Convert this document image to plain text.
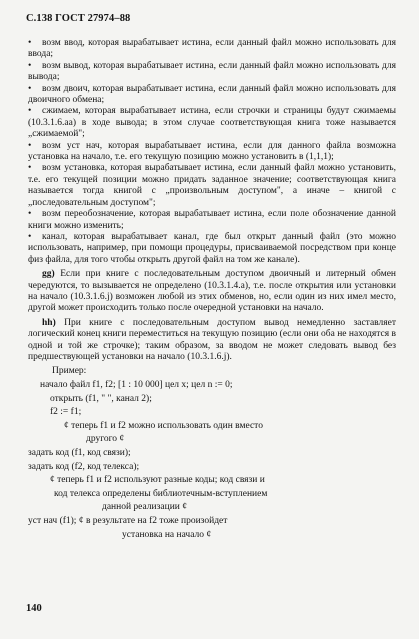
С.138 ГОСТ 27974–88

• возм ввод, которая вырабатывает истина, если данный файл можно использовать для ввода;

• возм вывод, которая вырабатывает истина, если данный файл можно использовать для вывода;

• возм двоич, которая вырабатывает истина, если данный файл можно использовать для двоичного обмена;

• сжимаем, которая вырабатывает истина, если строчки и страницы будут сжимаемы (10.3.1.6.аа) в ходе вывода; в этом случае соответствующая книга тоже называется „сжимаемой";

• возм уст нач, которая вырабатывает истина, если для данного файла возможна установка на начало, т.е. его текущую позицию можно установить в (1,1,1);

• возм установка, которая вырабатывает истина, если данный файл можно установить, т.е. его текущей позиции можно придать заданное значение; соответствующая книга называется тогда книгой с „произвольным доступом", а иначе – книгой с „последовательным доступом";

• возм переобозначение, которая вырабатывает истина, если поле обозначение данной книги можно изменить;

• канал, которая вырабатывает канал, где был открыт данный файл (это можно использовать, например, при помощи процедуры, присваиваемой посредством при конце физ файла, для того чтобы открыть другой файл на том же канале).

gg) Если при книге с последовательным доступом двоичный и литерный обмен чередуются, то вызывается не определено (10.3.1.4.а), т.е. после открытия или установки на начало (10.3.1.6.j) возможен любой из этих обменов, но, если один из них имел место, другой может происходить только после очередной установки на начало.

hh) При книге с последовательным доступом вывод немедленно заставляет логический конец книги переместиться на текущую позицию (если они оба не находятся в одной и той же строчке); таким образом, за вводом не может следовать вывод без предшествующей установки на начало (10.3.1.6.j).

Пример:
начало файл f1, f2; [1 : 10 000] цел x; цел n := 0;
открыть (f1, " ", канал 2);
f2 := f1;
¢ теперь f1 и f2 можно использовать один вместо
другого ¢
задать код (f1, код связи);
задать код (f2, код телекса);
¢ теперь f1 и f2 используют разные коды; код связи и
код телекса определены библиотечным-вступлением
данной реализации ¢
уст нач (f1); ¢ в результате на f2 тоже произойдет
установка на начало ¢
140
